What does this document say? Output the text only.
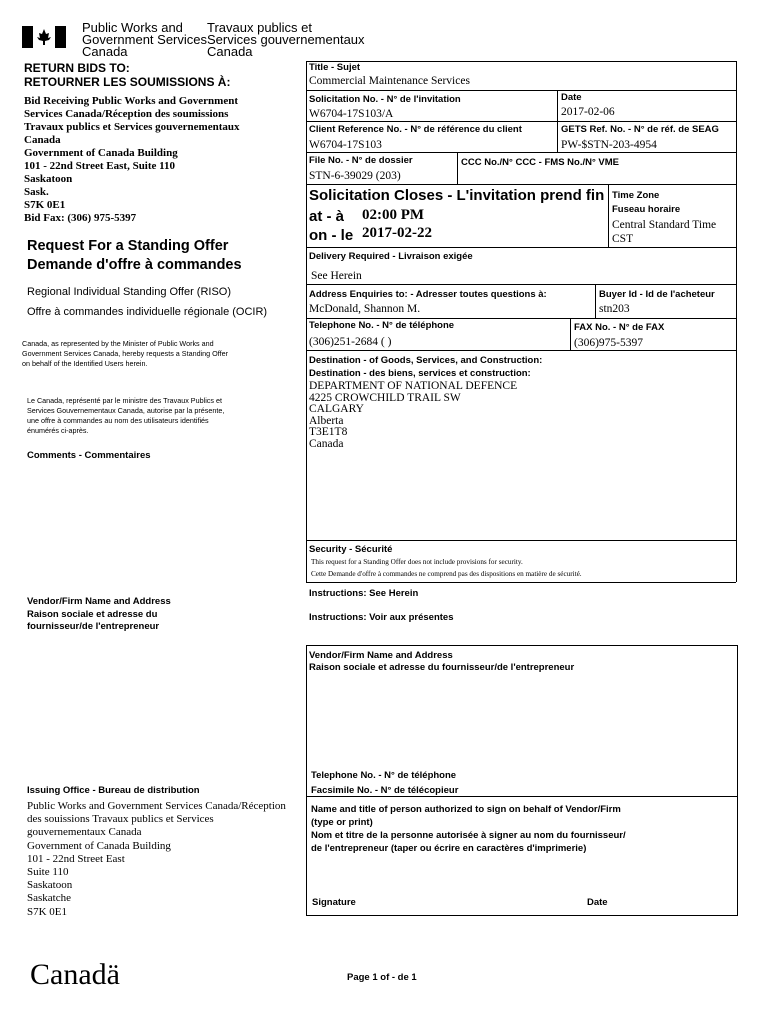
Public Works and
Government Services
Canada
Travaux publics et
Services gouvernementaux
Canada
RETURN BIDS TO:
RETOURNER LES SOUMISSIONS À:
Bid Receiving Public Works and Government
Services Canada/Réception des soumissions
Travaux publics et Services gouvernementaux
Canada
Government of Canada Building
101 - 22nd Street East, Suite 110
Saskatoon
Sask.
S7K 0E1
Bid Fax: (306) 975-5397
Request For a Standing Offer
Demande d'offre à commandes
Regional Individual Standing Offer (RISO)
Offre à commandes individuelle régionale (OCIR)
Canada, as represented by the Minister of Public Works and
Government Services Canada, hereby requests a Standing Offer
on behalf of the Identified Users herein.
Le Canada, représenté par le ministre des Travaux Publics et
Services Gouvernementaux Canada, autorise par la présente,
une offre à commandes au nom des utilisateurs identifiés
énumérés ci-après.
Comments - Commentaires
Vendor/Firm Name and Address
Raison sociale et adresse du
fournisseur/de l'entrepreneur
Issuing Office - Bureau de distribution
Public Works and Government Services Canada/Réception
des souissions Travaux publics et Services
gouvernementaux Canada
Government of Canada Building
101 - 22nd Street East
Suite 110
Saskatoon
Saskatche
S7K 0E1
Title - Sujet
Commercial Maintenance Services
Solicitation No. - N° de l'invitation
W6704-17S103/A
Date
2017-02-06
Client Reference No. - N° de référence du client
W6704-17S103
GETS Ref. No. - N° de réf. de SEAG
PW-$STN-203-4954
File No. - N° de dossier
STN-6-39029 (203)
CCC No./N° CCC - FMS No./N° VME
Solicitation Closes - L'invitation prend fin
at - à 02:00 PM
on - le 2017-02-22
Time Zone
Fuseau horaire
Central Standard Time
CST
Delivery Required - Livraison exigée
See Herein
Address Enquiries to: - Adresser toutes questions à:
McDonald, Shannon M.
Buyer Id - Id de l'acheteur
stn203
Telephone No. - N° de téléphone
(306)251-2684 ( )
FAX No. - N° de FAX
(306)975-5397
Destination - of Goods, Services, and Construction:
Destination - des biens, services et construction:
DEPARTMENT OF NATIONAL DEFENCE
4225 CROWCHILD TRAIL SW
CALGARY
Alberta
T3E1T8
Canada
Security - Sécurité
This request for a Standing Offer does not include provisions for security.
Cette Demande d'offre à commandes ne comprend pas des dispositions en matière de sécurité.
Instructions: See Herein
Instructions: Voir aux présentes
Vendor/Firm Name and Address
Raison sociale et adresse du fournisseur/de l'entrepreneur
Telephone No. - N° de téléphone
Facsimile No. - N° de télécopieur
Name and title of person authorized to sign on behalf of Vendor/Firm
(type or print)
Nom et titre de la personne autorisée à signer au nom du fournisseur/
de l'entrepreneur (taper ou écrire en caractères d'imprimerie)
Signature	Date
Canadä	Page 1 of - de 1
